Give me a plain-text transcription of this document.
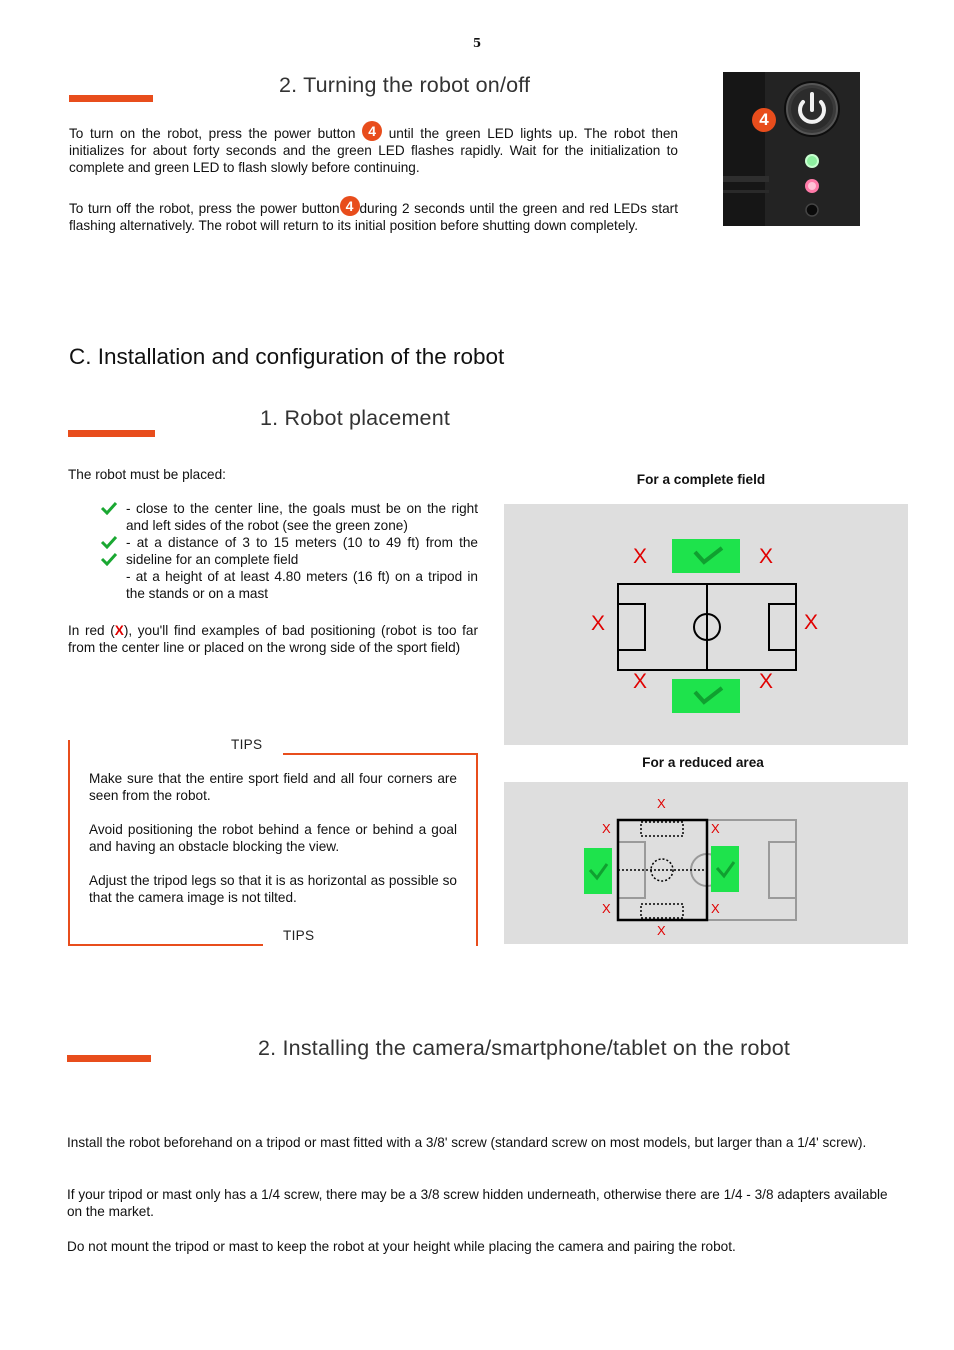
5
2. Turning the robot on/off
To turn on the robot, press the power button 4 until the green LED lights up. The robot then initializes for about forty seconds and the green LED flashes rapidly. Wait for the initialization to complete and green LED to flash slowly before continuing.
To turn off the robot, press the power button 4 during 2 seconds until the green and red LEDs start flashing alternatively. The robot will return to its initial position before shutting down completely.
4
C. Installation and configuration of the robot
1. Robot placement
The robot must be placed:
- close to the center line, the goals must be on the right and left sides of the robot (see the green zone)
- at a distance of 3 to 15 meters (10 to 49 ft) from the sideline for an complete field
- at a height of at least 4.80 meters (16 ft) on a tripod in the stands or on a mast
In red (X), you'll find examples of bad positioning (robot is too far from the center line or placed on the wrong side of the sport field)
TIPS
TIPS
Make sure that the entire sport field and all four corners are seen from the robot.
Avoid positioning the robot behind a fence or behind a goal and having an obstacle blocking the view.
Adjust the tripod legs so that it is as horizontal as possible so that the camera image is not tilted.
For a complete field
X	X
X	X
X	X
For a reduced area
X
X	X
X	X
X
2. Installing the camera/smartphone/tablet on the robot
Install the robot beforehand on a tripod or mast fitted with a 3/8' screw (standard screw on most models, but larger than a 1/4' screw).
If your tripod or mast only has a 1/4 screw, there may be a 3/8 screw hidden underneath, otherwise there are 1/4 - 3/8 adapters available on the market.
Do not mount the tripod or mast to keep the robot at your height while placing the camera and pairing the robot.
